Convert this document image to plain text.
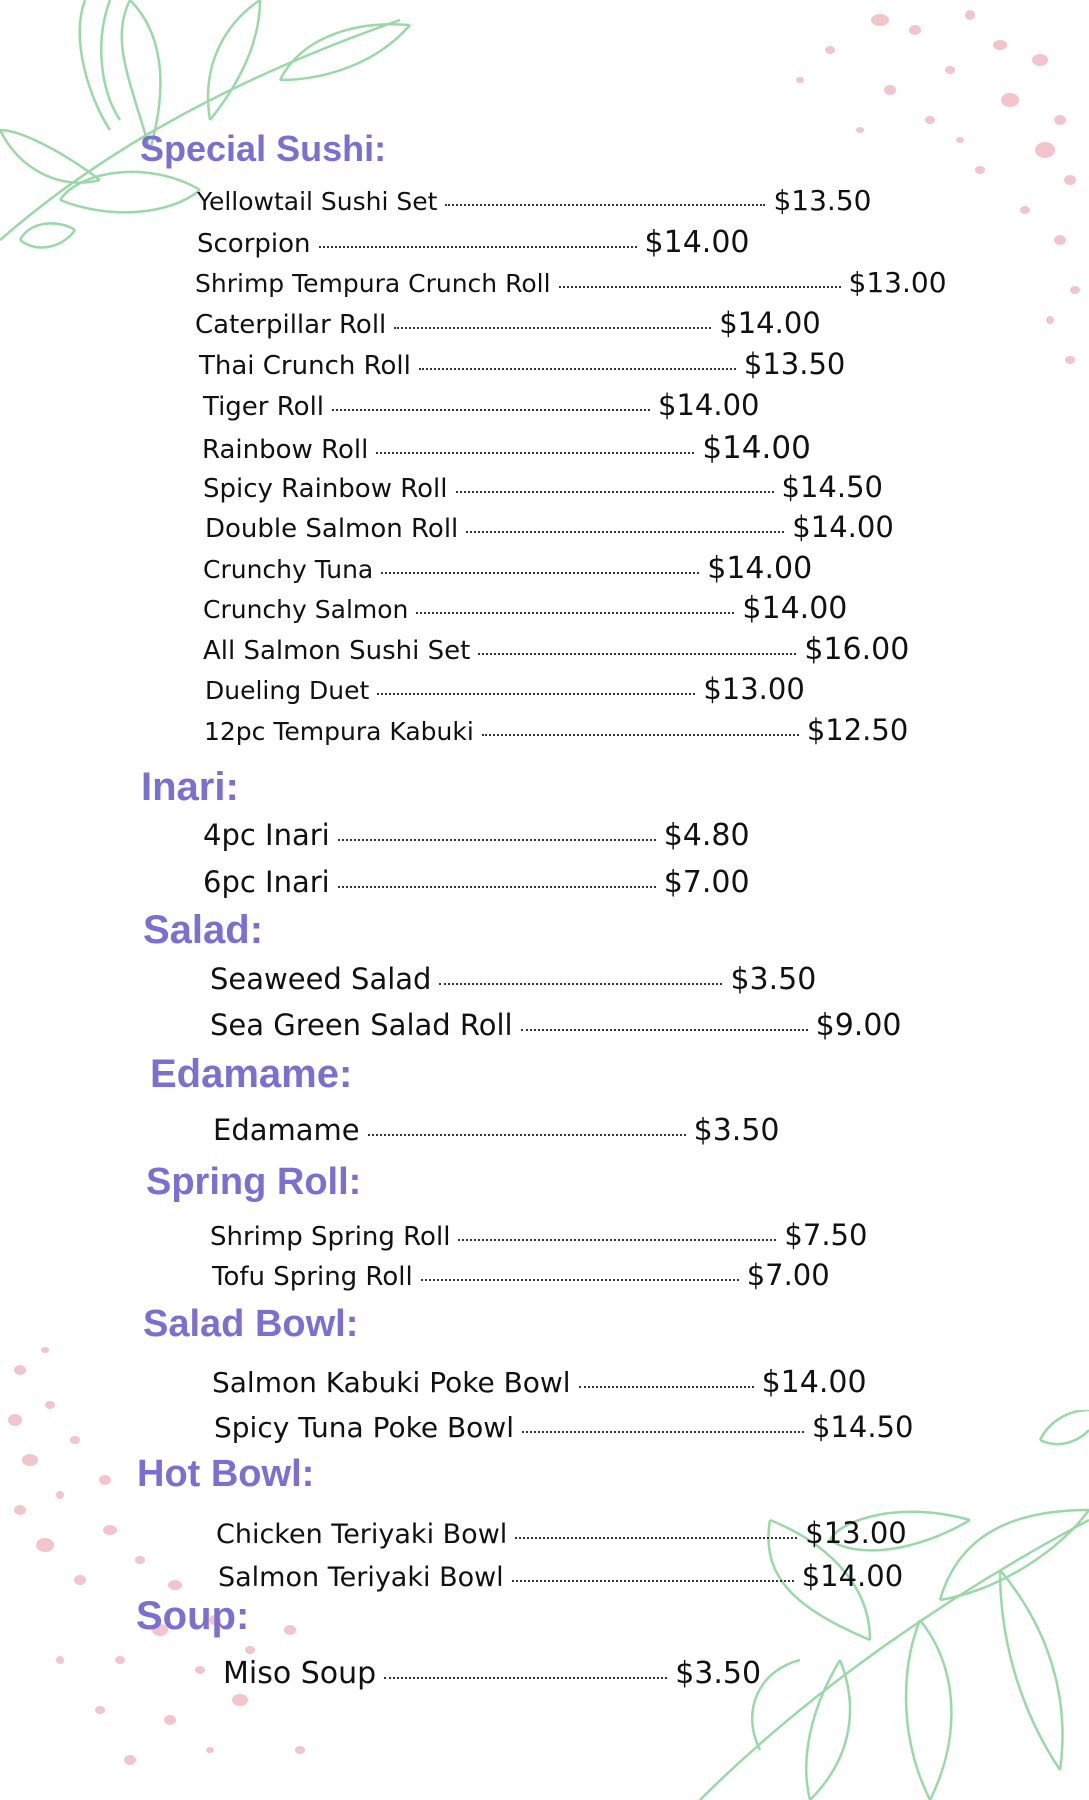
Special Sushi:
Yellowtail Sushi Set	$13.50
Scorpion	$14.00
Shrimp Tempura Crunch Roll	$13.00
Caterpillar Roll	$14.00
Thai Crunch Roll	$13.50
Tiger Roll	$14.00
Rainbow Roll	$14.00
Spicy Rainbow Roll	$14.50
Double Salmon Roll	$14.00
Crunchy Tuna	$14.00
Crunchy Salmon	$14.00
All Salmon Sushi Set	$16.00
Dueling Duet	$13.00
12pc Tempura Kabuki	$12.50
Inari:
4pc Inari	$4.80
6pc Inari	$7.00
Salad:
Seaweed Salad	$3.50
Sea Green Salad Roll	$9.00
Edamame:
Edamame	$3.50
Spring Roll:
Shrimp Spring Roll	$7.50
Tofu Spring Roll	$7.00
Salad Bowl:
Salmon Kabuki Poke Bowl	$14.00
Spicy Tuna Poke Bowl	$14.50
Hot Bowl:
Chicken Teriyaki Bowl	$13.00
Salmon Teriyaki Bowl	$14.00
Soup:
Miso Soup	$3.50
